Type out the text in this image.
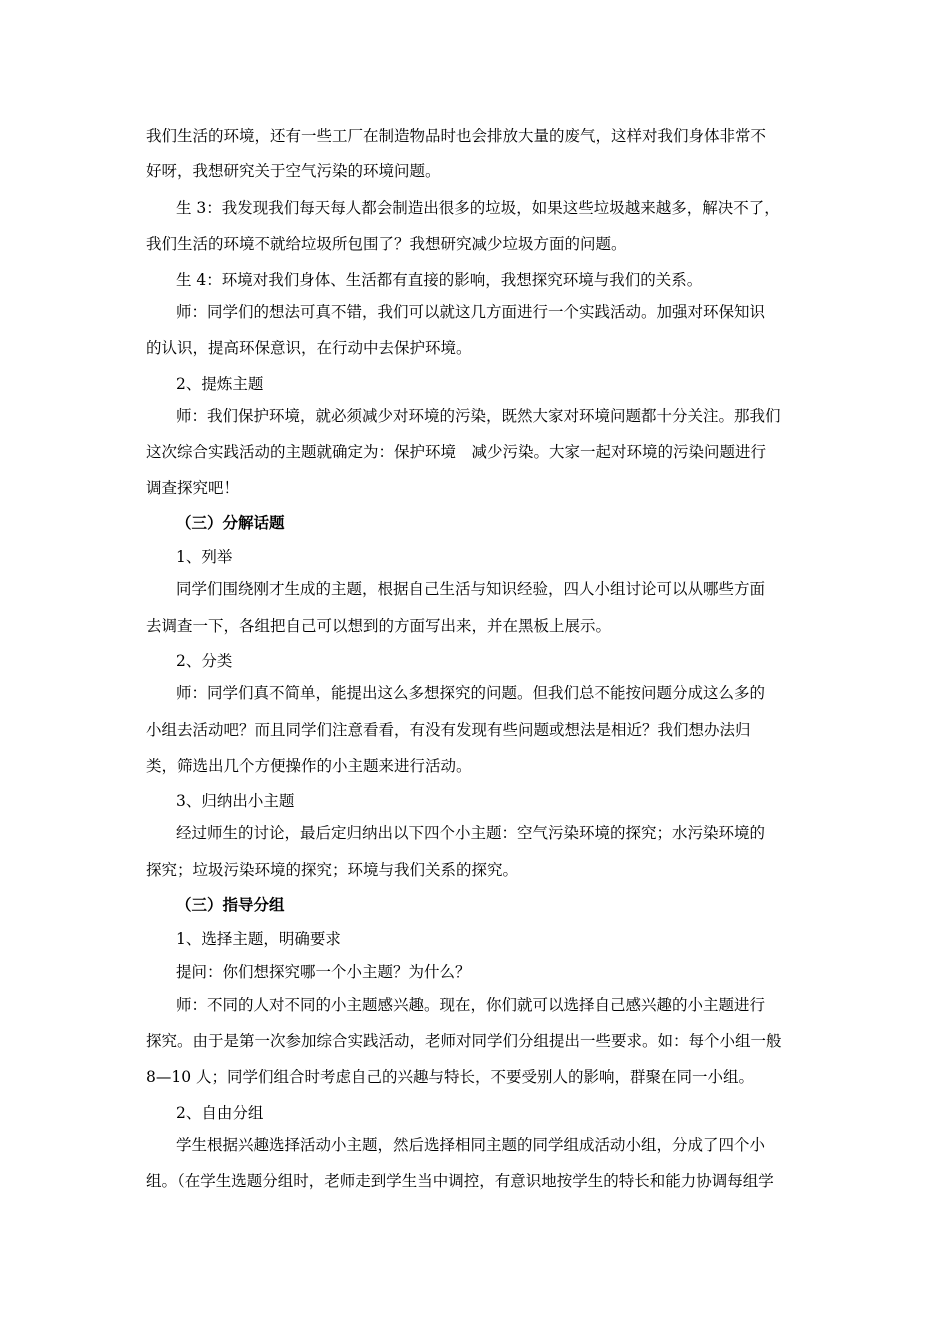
我们生活的环境，还有一些工厂在制造物品时也会排放大量的废气，这样对我们身体非常不
好呀，我想研究关于空气污染的环境问题。
生 3：我发现我们每天每人都会制造出很多的垃圾，如果这些垃圾越来越多，解决不了，
我们生活的环境不就给垃圾所包围了？我想研究减少垃圾方面的问题。
生 4：环境对我们身体、生活都有直接的影响，我想探究环境与我们的关系。
师：同学们的想法可真不错，我们可以就这几方面进行一个实践活动。加强对环保知识
的认识，提高环保意识，在行动中去保护环境。
2、提炼主题
师：我们保护环境，就必须减少对环境的污染，既然大家对环境问题都十分关注。那我们
这次综合实践活动的主题就确定为：保护环境　减少污染。大家一起对环境的污染问题进行
调查探究吧！
（三）分解话题
1、列举
同学们围绕刚才生成的主题，根据自己生活与知识经验，四人小组讨论可以从哪些方面
去调查一下，各组把自己可以想到的方面写出来，并在黑板上展示。
2、分类
师：同学们真不简单，能提出这么多想探究的问题。但我们总不能按问题分成这么多的
小组去活动吧？而且同学们注意看看，有没有发现有些问题或想法是相近？我们想办法归
类，筛选出几个方便操作的小主题来进行活动。
3、归纳出小主题
经过师生的讨论，最后定归纳出以下四个小主题：空气污染环境的探究；水污染环境的
探究；垃圾污染环境的探究；环境与我们关系的探究。
（三）指导分组
1、选择主题，明确要求
提问：你们想探究哪一个小主题？为什么？
师：不同的人对不同的小主题感兴趣。现在，你们就可以选择自己感兴趣的小主题进行
探究。由于是第一次参加综合实践活动，老师对同学们分组提出一些要求。如：每个小组一般
8—10 人；同学们组合时考虑自己的兴趣与特长，不要受别人的影响，群聚在同一小组。
2、自由分组
学生根据兴趣选择活动小主题，然后选择相同主题的同学组成活动小组，分成了四个小
组。（在学生选题分组时，老师走到学生当中调控，有意识地按学生的特长和能力协调每组学
